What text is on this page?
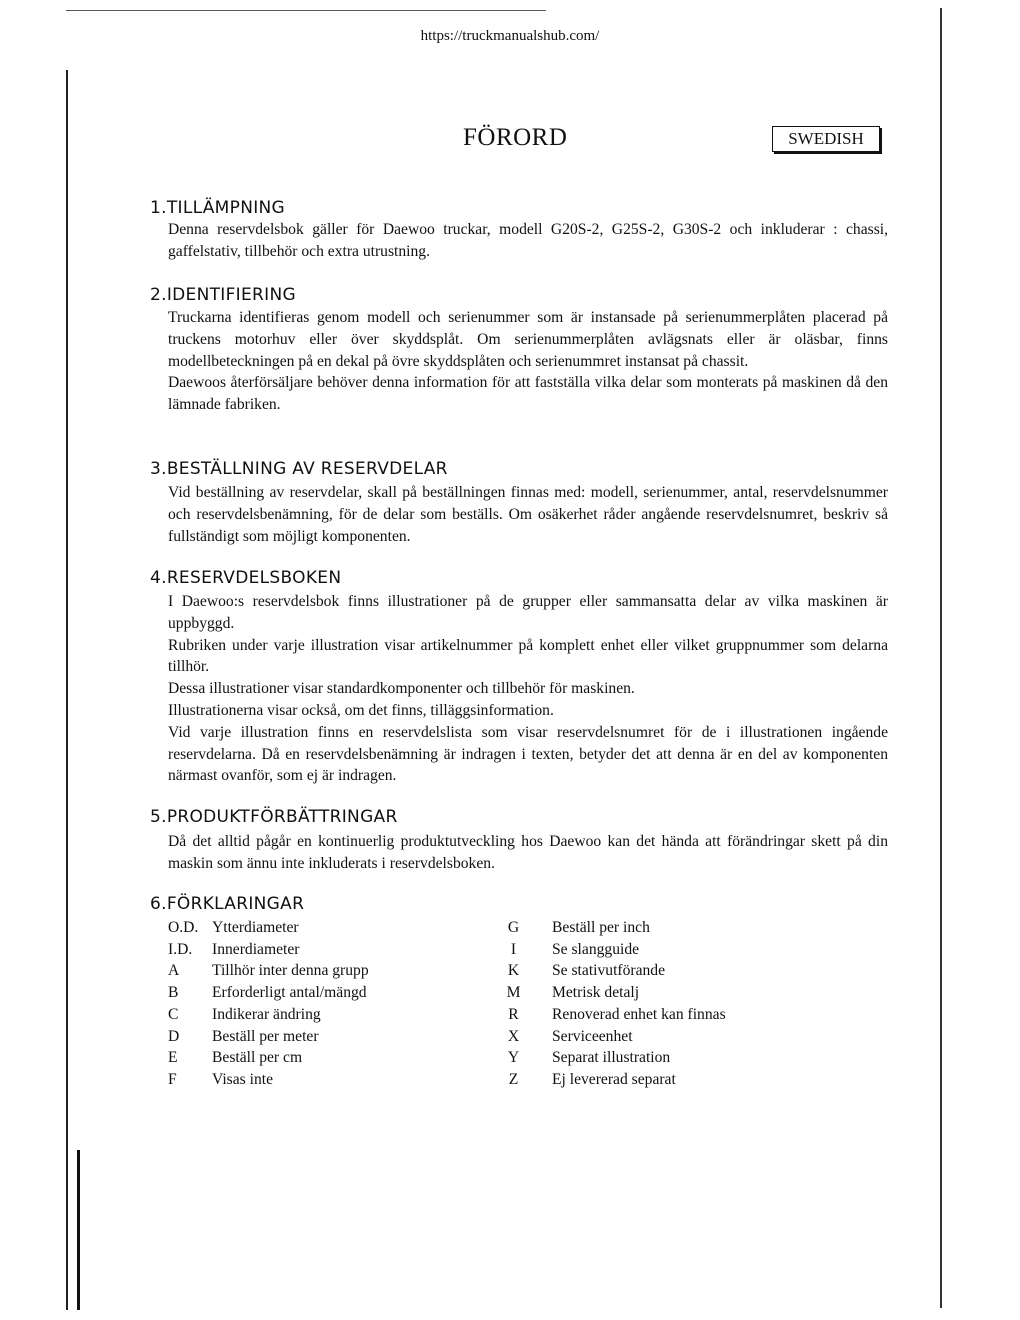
https://truckmanualshub.com/
FÖRORD	SWEDISH
1.TILLÄMPNING

Denna reservdelsbok gäller för Daewoo truckar, modell G20S-2, G25S-2, G30S-2 och inkluderar : chassi, gaffelstativ, tillbehör och extra utrustning.

2.IDENTIFIERING

Truckarna identifieras genom modell och serienummer som är instansade på serienummerplåten placerad på truckens motorhuv eller över skyddsplåt. Om serienummerplåten avlägsnats eller är oläsbar, finns modellbeteckningen på en dekal på övre skyddsplåten och serienummret instansat på chassit.

Daewoos återförsäljare behöver denna information för att fastställa vilka delar som monterats på maskinen då den lämnade fabriken.

3.BESTÄLLNING AV RESERVDELAR

Vid beställning av reservdelar, skall på beställningen finnas med: modell, serienummer, antal, reservdelsnummer och reservdelsbenämning, för de delar som beställs. Om osäkerhet råder angående reservdelsnumret, beskriv så fullständigt som möjligt komponenten.

4.RESERVDELSBOKEN

I Daewoo:s reservdelsbok finns illustrationer på de grupper eller sammansatta delar av vilka maskinen är uppbyggd.

Rubriken under varje illustration visar artikelnummer på komplett enhet eller vilket gruppnummer som delarna tillhör.

Dessa illustrationer visar standardkomponenter och tillbehör för maskinen.

Illustrationerna visar också, om det finns, tilläggsinformation.

Vid varje illustration finns en reservdelslista som visar reservdelsnumret för de i illustrationen ingående reservdelarna. Då en reservdelsbenämning är indragen i texten, betyder det att denna är en del av komponenten närmast ovanför, som ej är indragen.

5.PRODUKTFÖRBÄTTRINGAR

Då det alltid pågår en kontinuerlig produktutveckling hos Daewoo kan det hända att förändringar skett på din maskin som ännu inte inkluderats i reservdelsboken.

6.FÖRKLARINGAR
O.D. Ytterdiameter
I.D.	Innerdiameter
A	Tillhör inter denna grupp
B	Erforderligt antal/mängd
C	Indikerar ändring
D	Beställ per meter
E	Beställ per cm
F	Visas inte
G	Beställ per inch
I	Se slangguide
K	Se stativutförande
M	Metrisk detalj
R	Renoverad enhet kan finnas
X	Serviceenhet
Y	Separat illustration
Z	Ej levererad separat
